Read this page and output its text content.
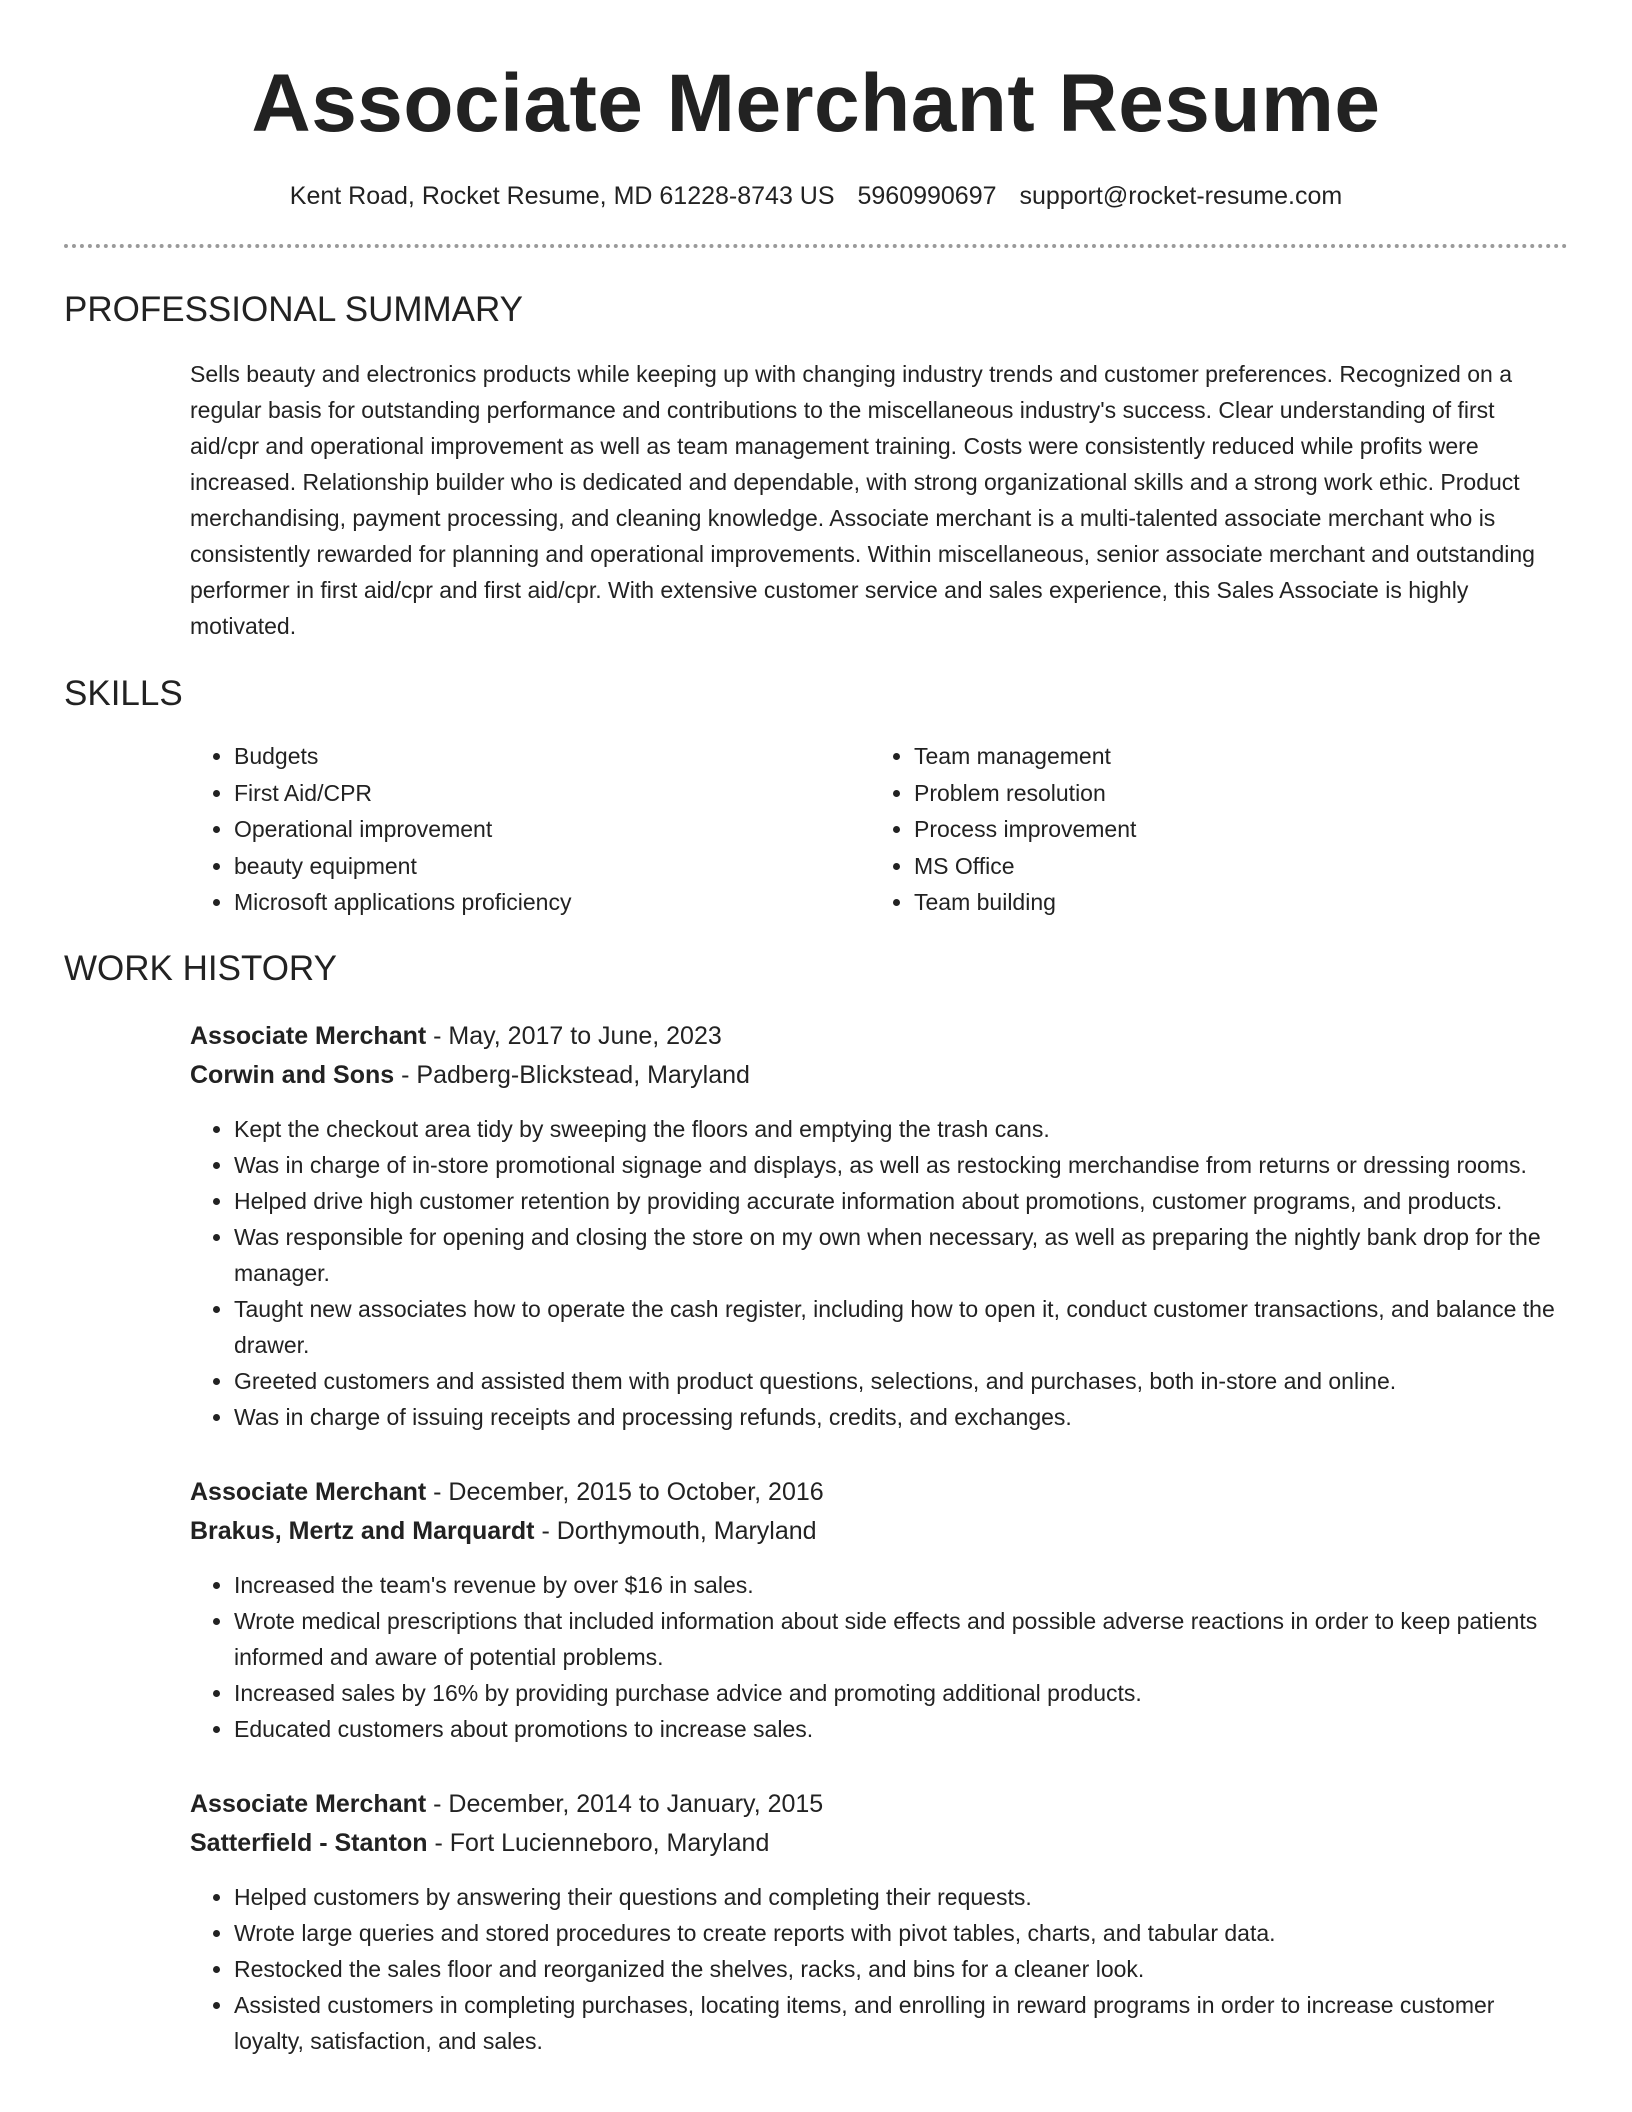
Associate Merchant Resume
Kent Road, Rocket Resume, MD 61228-8743 US 5960990697 support@rocket-resume.com
PROFESSIONAL SUMMARY

Sells beauty and electronics products while keeping up with changing industry trends and customer preferences. Recognized on a regular basis for outstanding performance and contributions to the miscellaneous industry's success. Clear understanding of first aid/cpr and operational improvement as well as team management training. Costs were consistently reduced while profits were increased. Relationship builder who is dedicated and dependable, with strong organizational skills and a strong work ethic. Product merchandising, payment processing, and cleaning knowledge. Associate merchant is a multi-talented associate merchant who is consistently rewarded for planning and operational improvements. Within miscellaneous, senior associate merchant and outstanding performer in first aid/cpr and first aid/cpr. With extensive customer service and sales experience, this Sales Associate is highly motivated.

SKILLS
• Budgets
• First Aid/CPR
• Operational improvement
• beauty equipment
• Microsoft applications proficiency
• Team management
• Problem resolution
• Process improvement
• MS Office
• Team building
WORK HISTORY
Associate Merchant - May, 2017 to June, 2023
Corwin and Sons - Padberg-Blickstead, Maryland
• Kept the checkout area tidy by sweeping the floors and emptying the trash cans.
• Was in charge of in-store promotional signage and displays, as well as restocking merchandise from returns or dressing rooms.
• Helped drive high customer retention by providing accurate information about promotions, customer programs, and products.
• Was responsible for opening and closing the store on my own when necessary, as well as preparing the nightly bank drop for the manager.
• Taught new associates how to operate the cash register, including how to open it, conduct customer transactions, and balance the drawer.
• Greeted customers and assisted them with product questions, selections, and purchases, both in-store and online.
• Was in charge of issuing receipts and processing refunds, credits, and exchanges.
Associate Merchant - December, 2015 to October, 2016
Brakus, Mertz and Marquardt - Dorthymouth, Maryland
• Increased the team's revenue by over $16 in sales.
• Wrote medical prescriptions that included information about side effects and possible adverse reactions in order to keep patients informed and aware of potential problems.
• Increased sales by 16% by providing purchase advice and promoting additional products.
• Educated customers about promotions to increase sales.
Associate Merchant - December, 2014 to January, 2015
Satterfield - Stanton - Fort Lucienneboro, Maryland
• Helped customers by answering their questions and completing their requests.
• Wrote large queries and stored procedures to create reports with pivot tables, charts, and tabular data.
• Restocked the sales floor and reorganized the shelves, racks, and bins for a cleaner look.
• Assisted customers in completing purchases, locating items, and enrolling in reward programs in order to increase customer loyalty, satisfaction, and sales.
